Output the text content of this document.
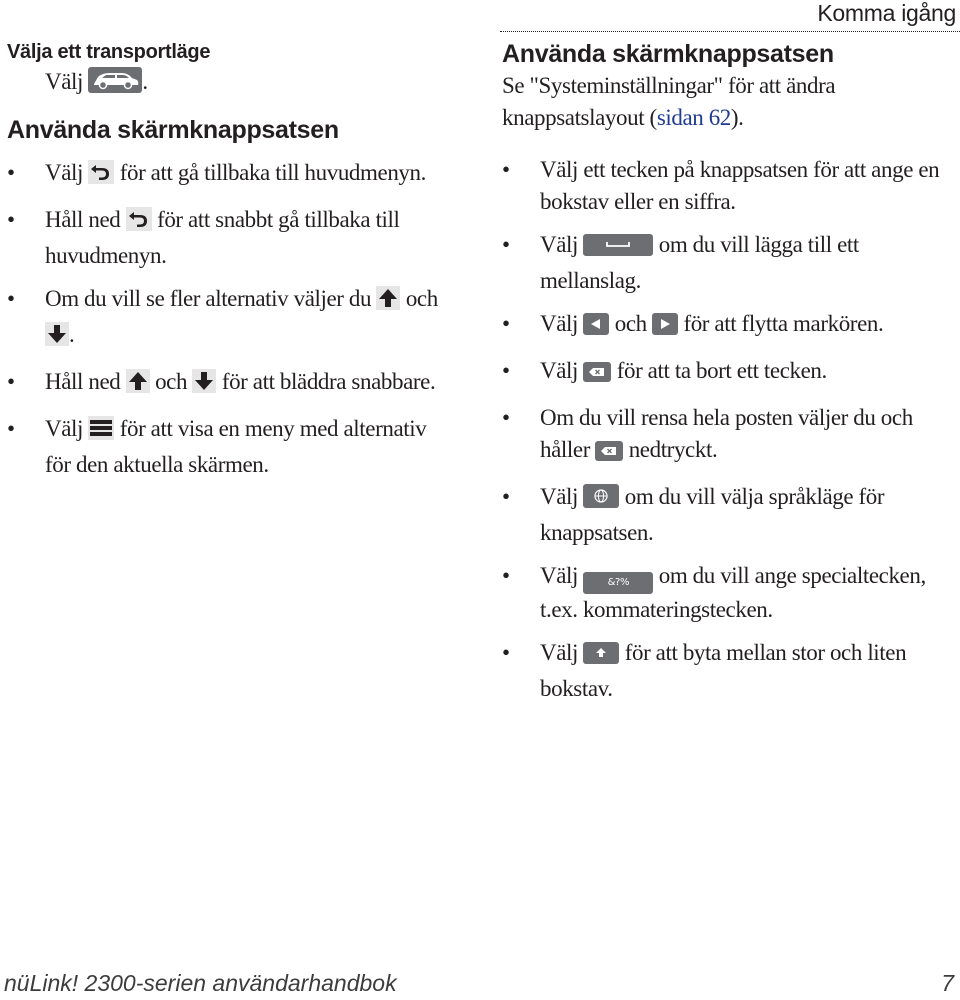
Komma igång
Välja ett transportläge

Välj	.

Använda skärmknappsatsen
•	Välj för att gå tillbaka till huvudmenyn.
•	Håll ned för att snabbt gå tillbaka till huvudmenyn.
•	Om du vill se fler alternativ väljer du och .
•	Håll ned och för att bläddra snabbare.
•	Välj för att visa en meny med alternativ för den aktuella skärmen.
Använda skärmknappsatsen

Se "Systeminställningar" för att ändra knappsatslayout (sidan 62).

•	Välj ett tecken på knappsatsen för att ange en bokstav eller en siffra.
•	Välj	om du vill lägga till ett mellanslag.
•	Välj och för att flytta markören.
•	Välj för att ta bort ett tecken.
•	Om du vill rensa hela posten väljer du och håller nedtryckt.
•	Välj om du vill välja språkläge för knappsatsen.
•	Välj	&?% om du vill ange specialtecken, t.ex. kommateringstecken.
•	Välj för att byta mellan stor och liten bokstav.
nüLink! 2300-serien användarhandbok	7
